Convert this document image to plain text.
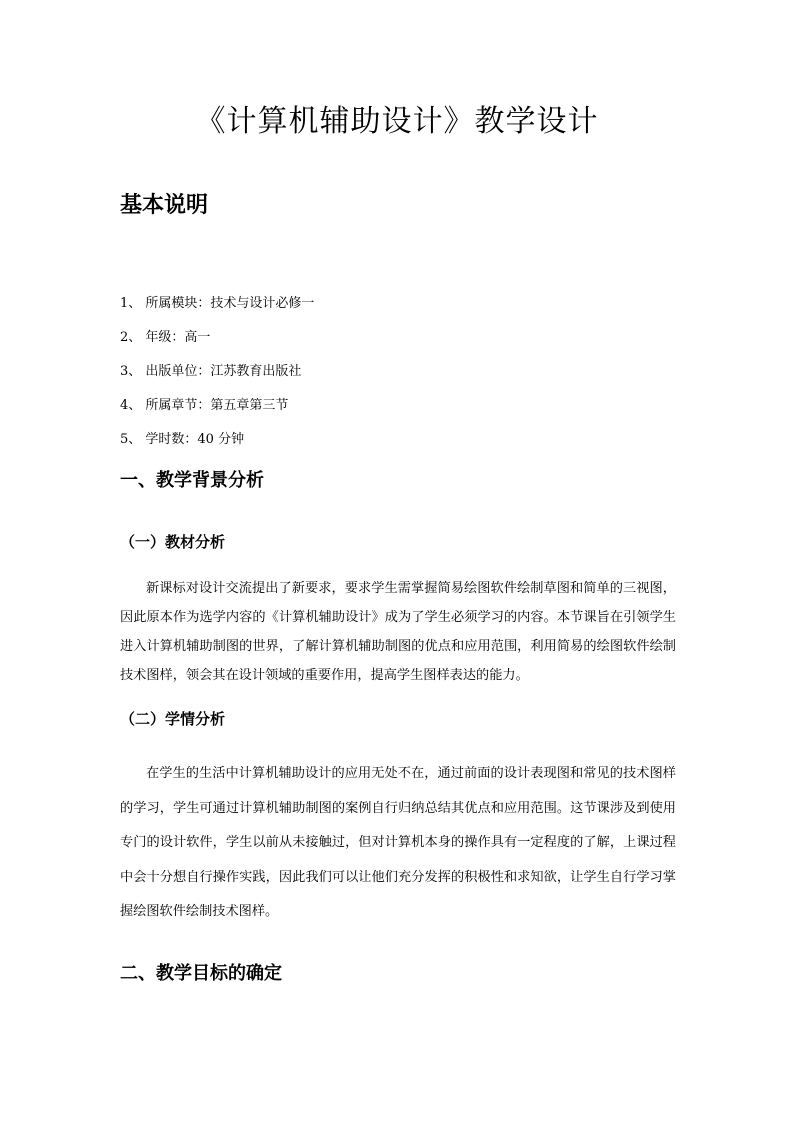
《计算机辅助设计》教学设计
基本说明
1、 所属模块：技术与设计必修一
2、 年级：高一
3、 出版单位：江苏教育出版社
4、 所属章节：第五章第三节
5、 学时数：40 分钟
一、教学背景分析
（一）教材分析
新课标对设计交流提出了新要求，要求学生需掌握简易绘图软件绘制草图和简单的三视图，因此原本作为选学内容的《计算机辅助设计》成为了学生必须学习的内容。本节课旨在引领学生进入计算机辅助制图的世界，了解计算机辅助制图的优点和应用范围，利用简易的绘图软件绘制技术图样，领会其在设计领域的重要作用，提高学生图样表达的能力。
（二）学情分析
在学生的生活中计算机辅助设计的应用无处不在，通过前面的设计表现图和常见的技术图样的学习，学生可通过计算机辅助制图的案例自行归纳总结其优点和应用范围。这节课涉及到使用专门的设计软件，学生以前从未接触过，但对计算机本身的操作具有一定程度的了解，上课过程中会十分想自行操作实践，因此我们可以让他们充分发挥的积极性和求知欲，让学生自行学习掌握绘图软件绘制技术图样。
二、教学目标的确定
